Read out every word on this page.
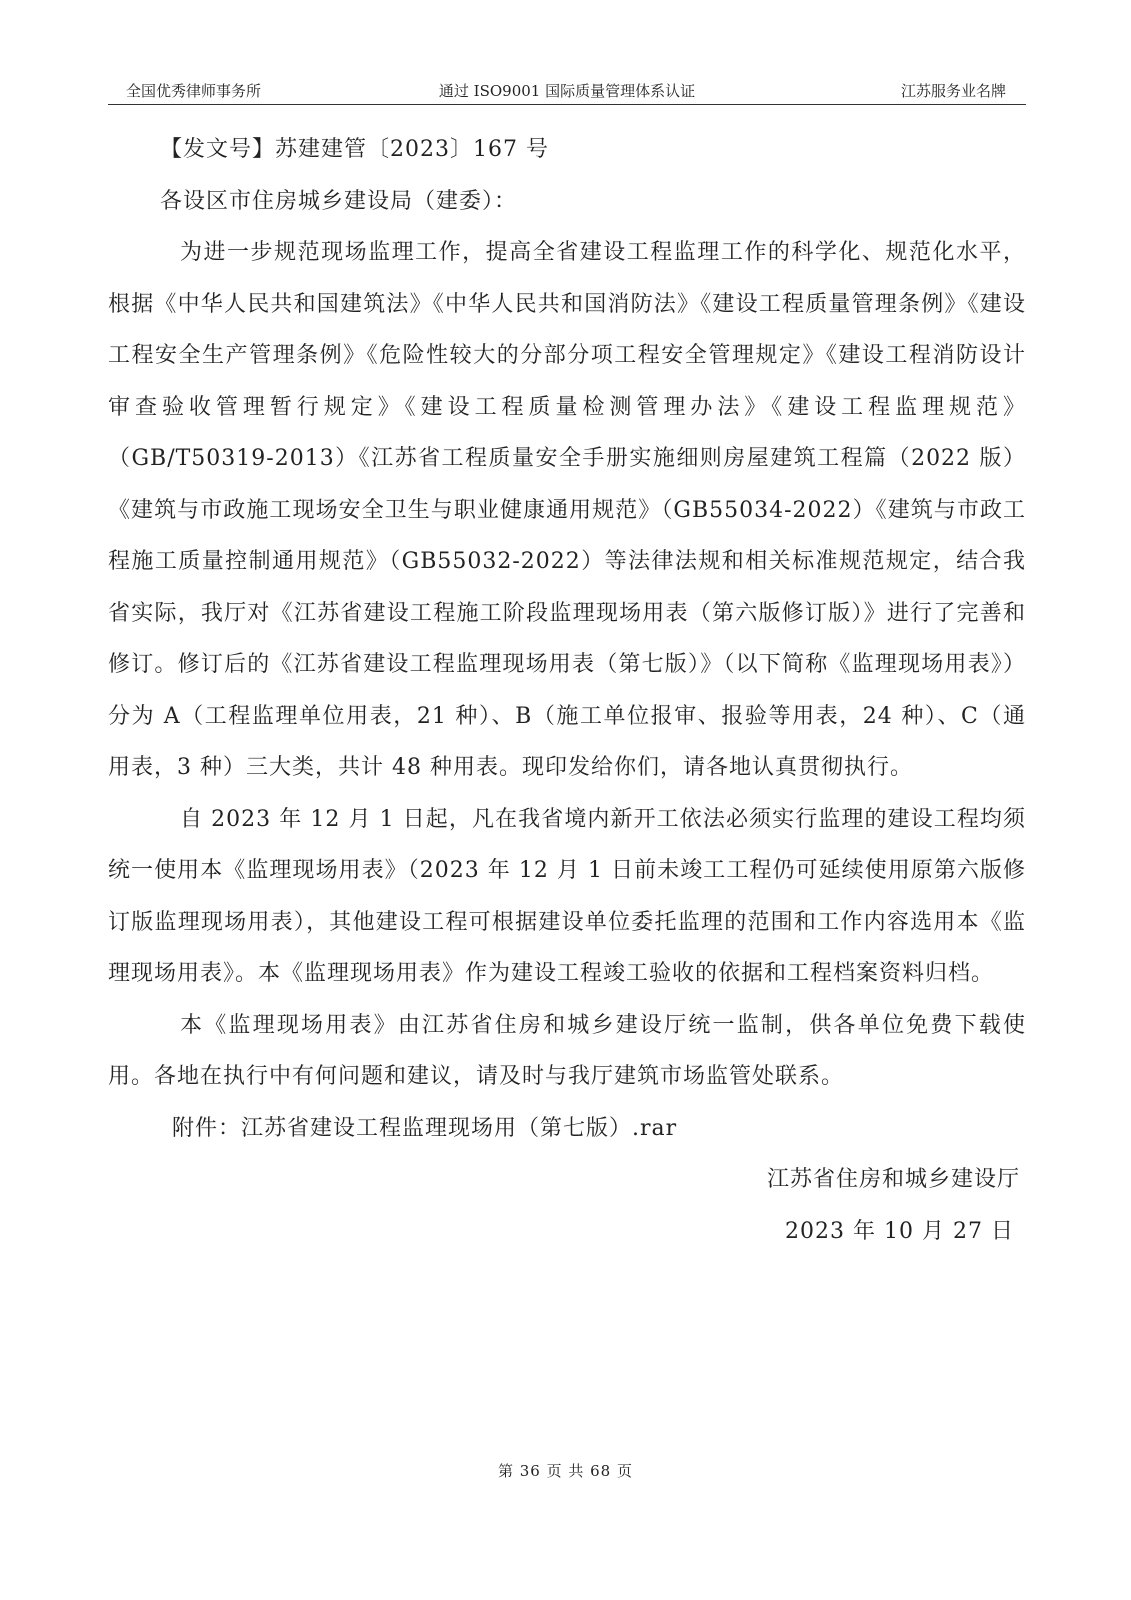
全国优秀律师事务所	通过 ISO9001 国际质量管理体系认证	江苏服务业名牌

【发文号】苏建建管〔2023〕167 号

各设区市住房城乡建设局（建委）：

为进一步规范现场监理工作，提高全省建设工程监理工作的科学化、规范化水平，根据《中华人民共和国建筑法》《中华人民共和国消防法》《建设工程质量管理条例》《建设工程安全生产管理条例》《危险性较大的分部分项工程安全管理规定》《建设工程消防设计审查验收管理暂行规定》《建设工程质量检测管理办法》《建设工程监理规范》（GB/T50319-2013）《江苏省工程质量安全手册实施细则房屋建筑工程篇（2022 版）《建筑与市政施工现场安全卫生与职业健康通用规范》（GB55034-2022）《建筑与市政工程施工质量控制通用规范》（GB55032-2022）等法律法规和相关标准规范规定，结合我省实际，我厅对《江苏省建设工程施工阶段监理现场用表（第六版修订版）》进行了完善和修订。修订后的《江苏省建设工程监理现场用表（第七版）》（以下简称《监理现场用表》）分为 A（工程监理单位用表，21 种）、B（施工单位报审、报验等用表，24 种）、C（通用表，3 种）三大类，共计 48 种用表。现印发给你们，请各地认真贯彻执行。

自 2023 年 12 月 1 日起，凡在我省境内新开工依法必须实行监理的建设工程均须统一使用本《监理现场用表》（2023 年 12 月 1 日前未竣工工程仍可延续使用原第六版修订版监理现场用表），其他建设工程可根据建设单位委托监理的范围和工作内容选用本《监理现场用表》。本《监理现场用表》作为建设工程竣工验收的依据和工程档案资料归档。

本《监理现场用表》由江苏省住房和城乡建设厅统一监制，供各单位免费下载使用。各地在执行中有何问题和建议，请及时与我厅建筑市场监管处联系。

附件：江苏省建设工程监理现场用（第七版）.rar

江苏省住房和城乡建设厅

2023 年 10 月 27 日

第 36 页 共 68 页
